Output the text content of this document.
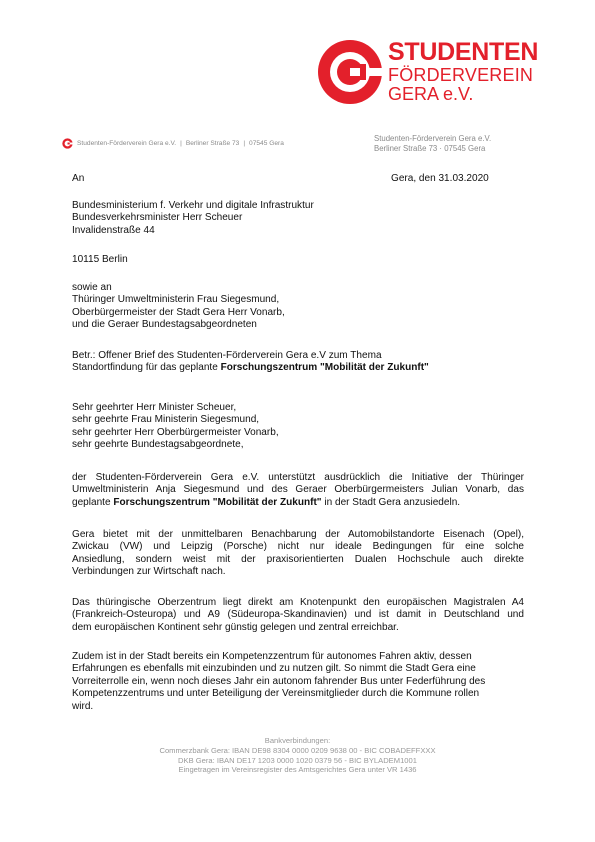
STUDENTEN
FÖRDERVEREIN
GERA e.V.
Studenten-Förderverein Gera e.V. | Berliner Straße 73 | 07545 Gera
Studenten-Förderverein Gera e.V.
Berliner Straße 73 · 07545 Gera
An	Gera, den 31.03.2020

Bundesministerium f. Verkehr und digitale Infrastruktur

Bundesverkehrsminister Herr Scheuer

Invalidenstraße 44

10115 Berlin

sowie an

Thüringer Umweltministerin Frau Siegesmund,

Oberbürgermeister der Stadt Gera Herr Vonarb,

und die Geraer Bundestagsabgeordneten

Betr.: Offener Brief des Studenten-Förderverein Gera e.V zum Thema

Standortfindung für das geplante Forschungszentrum "Mobilität der Zukunft"

Sehr geehrter Herr Minister Scheuer,

sehr geehrte Frau Ministerin Siegesmund,

sehr geehrter Herr Oberbürgermeister Vonarb,

sehr geehrte Bundestagsabgeordnete,

der Studenten-Förderverein Gera e.V. unterstützt ausdrücklich die Initiative der Thüringer

Umweltministerin Anja Siegesmund und des Geraer Oberbürgermeisters Julian Vonarb, das

geplante Forschungszentrum "Mobilität der Zukunft" in der Stadt Gera anzusiedeln.

Gera bietet mit der unmittelbaren Benachbarung der Automobilstandorte Eisenach (Opel),

Zwickau (VW) und Leipzig (Porsche) nicht nur ideale Bedingungen für eine solche

Ansiedlung, sondern weist mit der praxisorientierten Dualen Hochschule auch direkte

Verbindungen zur Wirtschaft nach.

Das thüringische Oberzentrum liegt direkt am Knotenpunkt den europäischen Magistralen A4

(Frankreich-Osteuropa) und A9 (Südeuropa-Skandinavien) und ist damit in Deutschland und

dem europäischen Kontinent sehr günstig gelegen und zentral erreichbar.

Zudem ist in der Stadt bereits ein Kompetenzzentrum für autonomes Fahren aktiv, dessen

Erfahrungen es ebenfalls mit einzubinden und zu nutzen gilt. So nimmt die Stadt Gera eine

Vorreiterrolle ein, wenn noch dieses Jahr ein autonom fahrender Bus unter Federführung des

Kompetenzzentrums und unter Beteiligung der Vereinsmitglieder durch die Kommune rollen

wird.

Bankverbindungen:
Commerzbank Gera: IBAN DE98 8304 0000 0209 9638 00 - BIC COBADEFFXXX
DKB Gera: IBAN DE17 1203 0000 1020 0379 56 - BIC BYLADEM1001
Eingetragen im Vereinsregister des Amtsgerichtes Gera unter VR 1436
